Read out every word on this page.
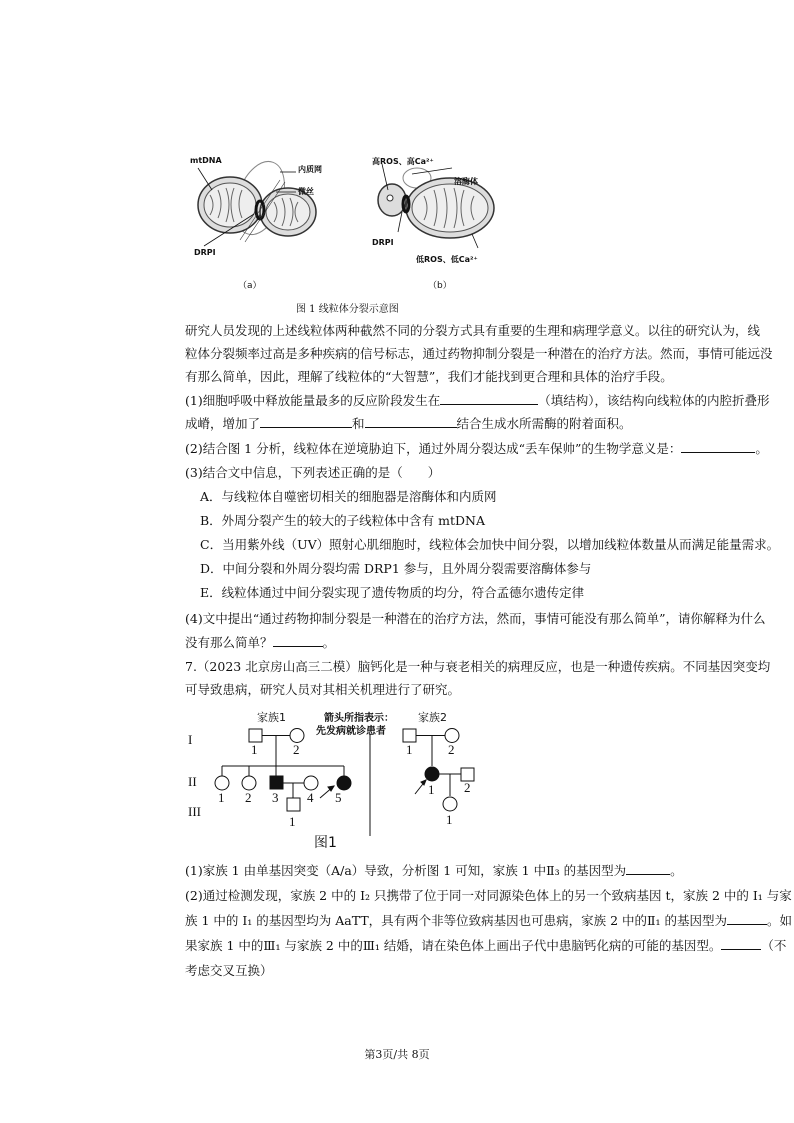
mtDNA
内质网
微丝
DRPI
（a）
高ROS、高Ca²⁺
溶酶体
DRPI
低ROS、低Ca²⁺
（b）
图 1 线粒体分裂示意图
研究人员发现的上述线粒体两种截然不同的分裂方式具有重要的生理和病理学意义。以往的研究认为，线
粒体分裂频率过高是多种疾病的信号标志，通过药物抑制分裂是一种潜在的治疗方法。然而，事情可能远没
有那么简单，因此，理解了线粒体的“大智慧”，我们才能找到更合理和具体的治疗手段。
(1)细胞呼吸中释放能量最多的反应阶段发生在	（填结构），该结构向线粒体的内腔折叠形
成嵴，增加了	和	结合生成水所需酶的附着面积。
(2)结合图 1 分析，线粒体在逆境胁迫下，通过外周分裂达成“丢车保帅”的生物学意义是：	。
(3)结合文中信息，下列表述正确的是（　　）
A．与线粒体自噬密切相关的细胞器是溶酶体和内质网
B．外周分裂产生的较大的子线粒体中含有 mtDNA
C．当用紫外线（UV）照射心肌细胞时，线粒体会加快中间分裂，以增加线粒体数量从而满足能量需求。
D．中间分裂和外周分裂均需 DRP1 参与，且外周分裂需要溶酶体参与
E．线粒体通过中间分裂实现了遗传物质的均分，符合孟德尔遗传定律
(4)文中提出“通过药物抑制分裂是一种潜在的治疗方法，然而，事情可能没有那么简单”，请你解释为什么
没有那么简单？	。
7.（2023 北京房山高三二模）脑钙化是一种与衰老相关的病理反应，也是一种遗传疾病。不同基因突变均
可导致患病，研究人员对其相关机理进行了研究。
家族1	家族2
箭头所指表示：
先发病就诊患者
I
II
III
1	2
1 2 3 4 5
1
1	2
1 2
1
图1
(1)家族 1 由单基因突变（A/a）导致，分析图 1 可知，家族 1 中Ⅱ₃ 的基因型为	。
(2)通过检测发现，家族 2 中的 I₂ 只携带了位于同一对同源染色体上的另一个致病基因 t，家族 2 中的 I₁ 与家
族 1 中的 I₁ 的基因型均为 AaTT，具有两个非等位致病基因也可患病，家族 2 中的Ⅱ₁ 的基因型为	。如
果家族 1 中的Ⅲ₁ 与家族 2 中的Ⅲ₁ 结婚，请在染色体上画出子代中患脑钙化病的可能的基因型。	（不
考虑交叉互换）
第3页/共 8页
